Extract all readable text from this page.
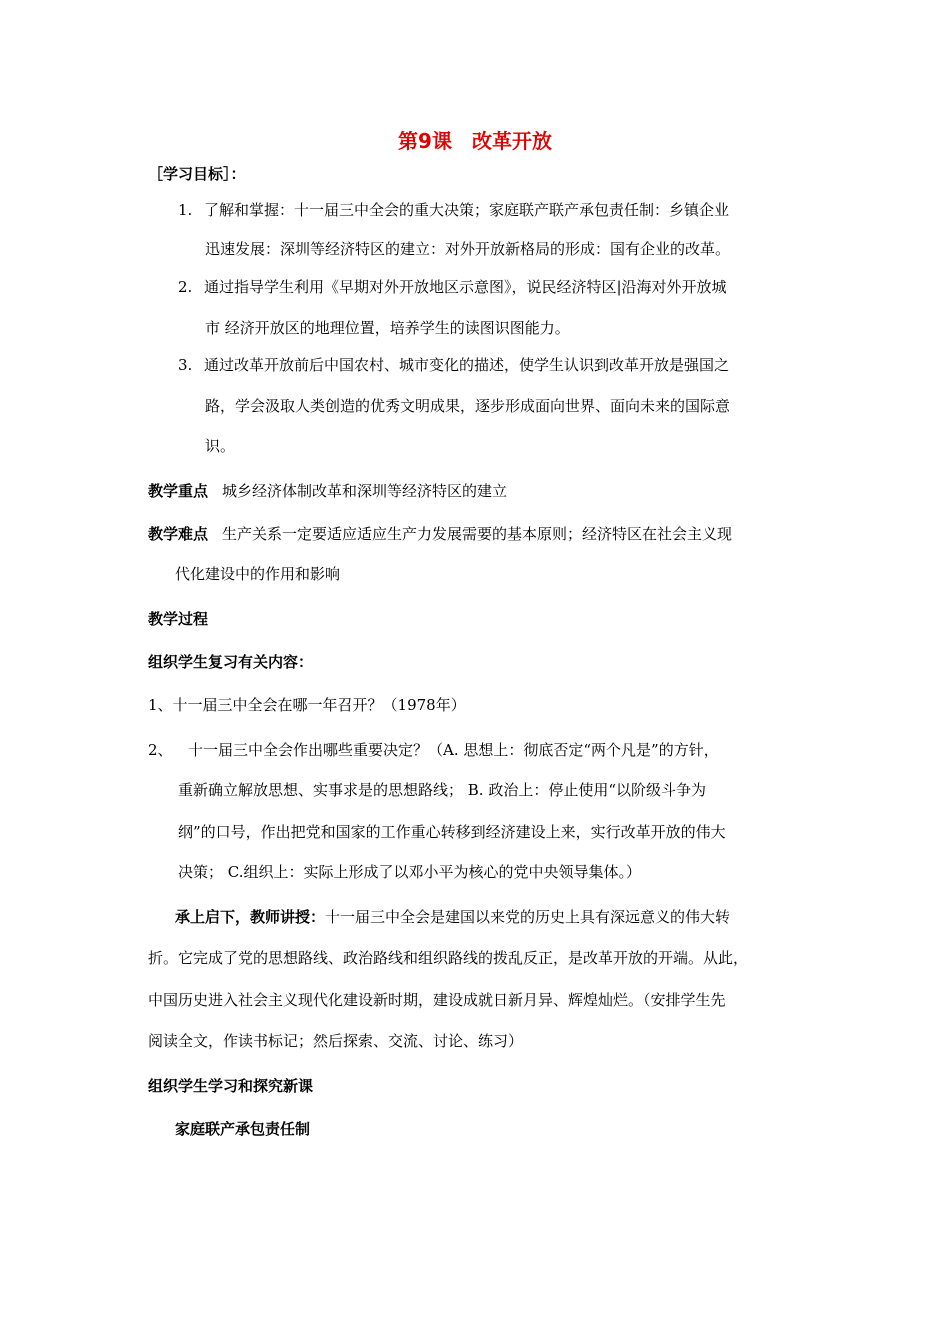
第9课　改革开放
［学习目标］：
1. 了解和掌握：十一届三中全会的重大决策；家庭联产联产承包责任制：乡镇企业
迅速发展：深圳等经济特区的建立：对外开放新格局的形成：国有企业的改革。
2. 通过指导学生利用《早期对外开放地区示意图》，说民经济特区|沿海对外开放城
市 经济开放区的地理位置，培养学生的读图识图能力。
3. 通过改革开放前后中国农村、城市变化的描述，使学生认识到改革开放是强国之
路，学会汲取人类创造的优秀文明成果，逐步形成面向世界、面向未来的国际意
识。
教学重点 城乡经济体制改革和深圳等经济特区的建立
教学难点 生产关系一定要适应适应生产力发展需要的基本原则；经济特区在社会主义现
代化建设中的作用和影响
教学过程
组织学生复习有关内容：
1、十一届三中全会在哪一年召开？（1978年）
2、 十一届三中全会作出哪些重要决定？（A. 思想上：彻底否定“两个凡是”的方针，
重新确立解放思想、实事求是的思想路线； B. 政治上：停止使用“以阶级斗争为
纲”的口号，作出把党和国家的工作重心转移到经济建设上来，实行改革开放的伟大
决策； C.组织上：实际上形成了以邓小平为核心的党中央领导集体。）
承上启下，教师讲授：十一届三中全会是建国以来党的历史上具有深远意义的伟大转
折。它完成了党的思想路线、政治路线和组织路线的拨乱反正，是改革开放的开端。从此，
中国历史进入社会主义现代化建设新时期，建设成就日新月异、辉煌灿烂。（安排学生先
阅读全文，作读书标记；然后探索、交流、讨论、练习）
组织学生学习和探究新课
家庭联产承包责任制
